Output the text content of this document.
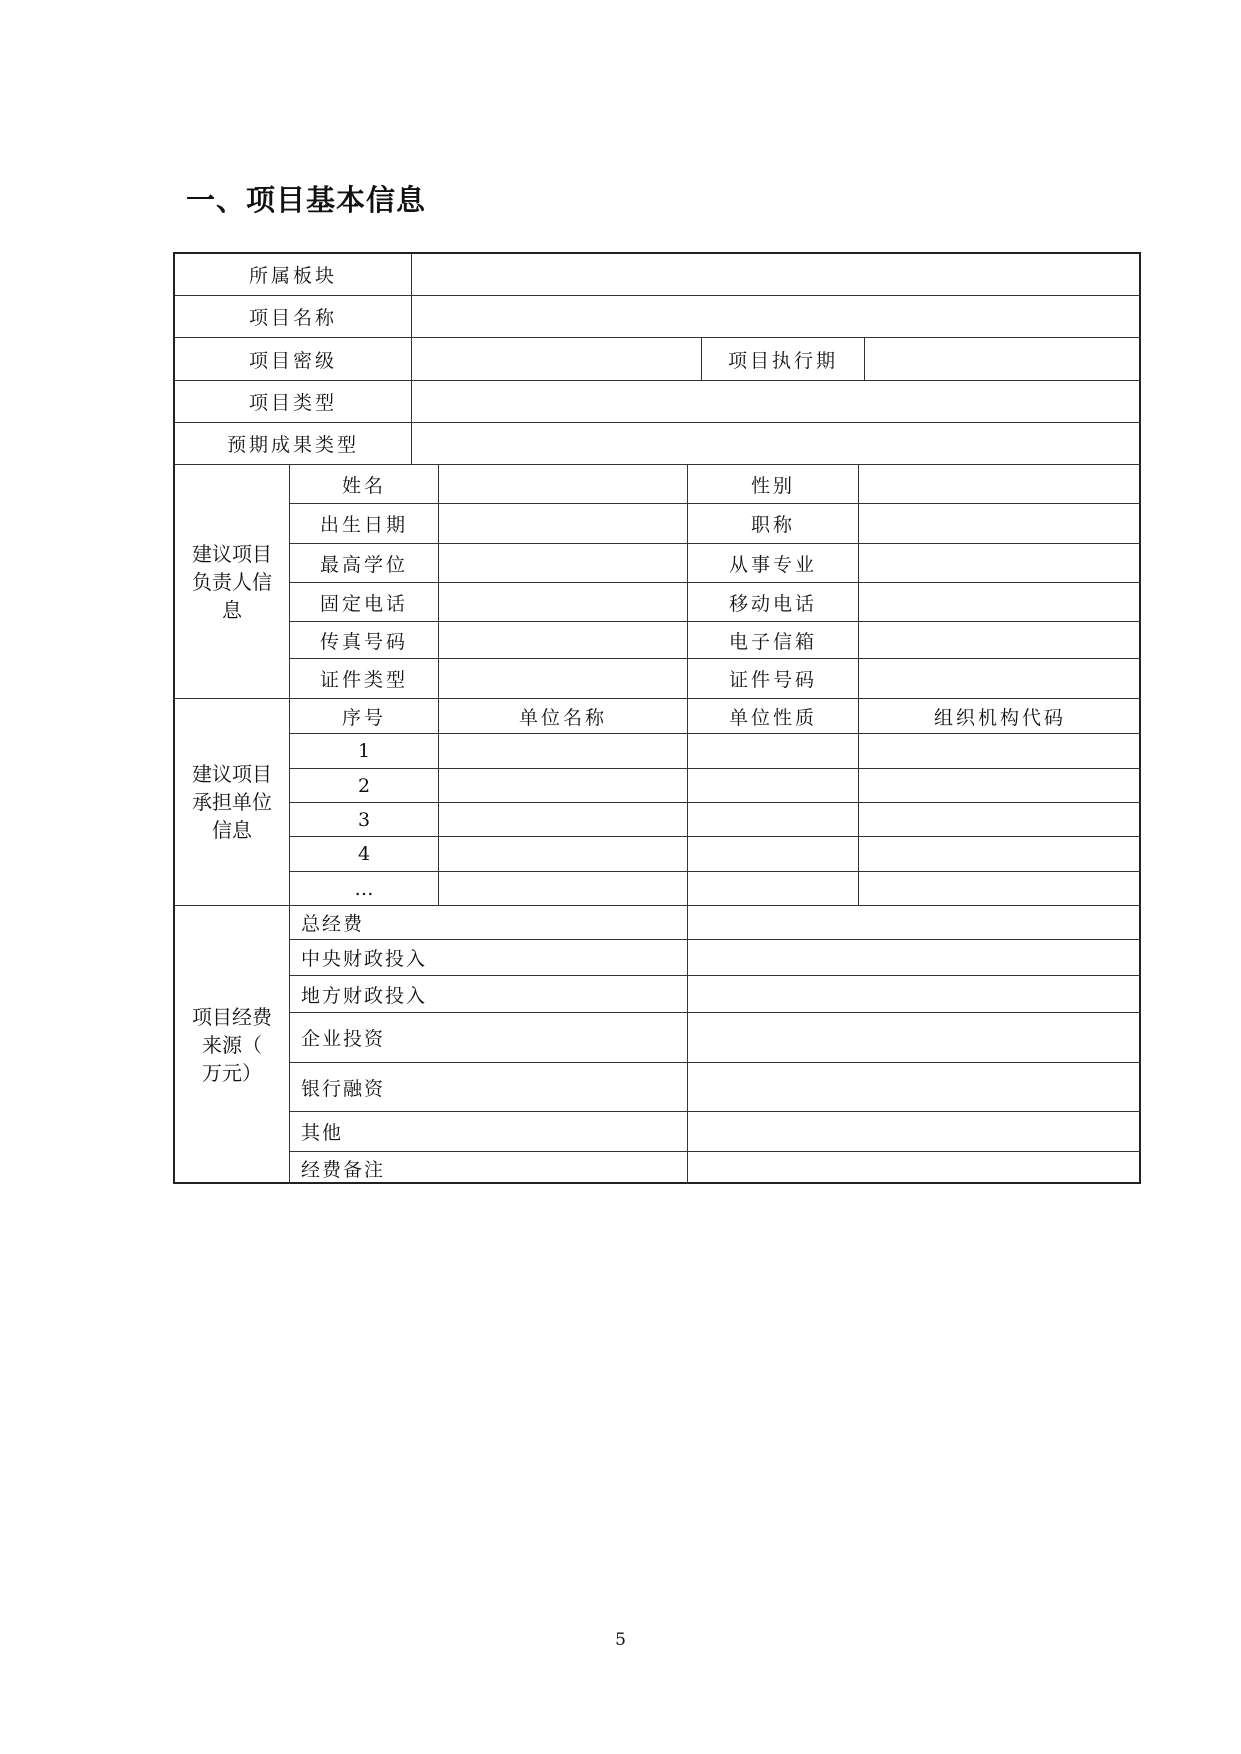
一、项目基本信息
所属板块
项目名称
项目密级	项目执行期
项目类型
预期成果类型
建议项目负责人信息
姓名	性别
出生日期	职称
最高学位	从事专业
固定电话	移动电话
传真号码	电子信箱
证件类型	证件号码
建议项目承担单位信息
序号	单位名称	单位性质	组织机构代码
1
2
3
4
…
项目经费来源（ 万元）
总经费
中央财政投入
地方财政投入
企业投资
银行融资
其他
经费备注
5
